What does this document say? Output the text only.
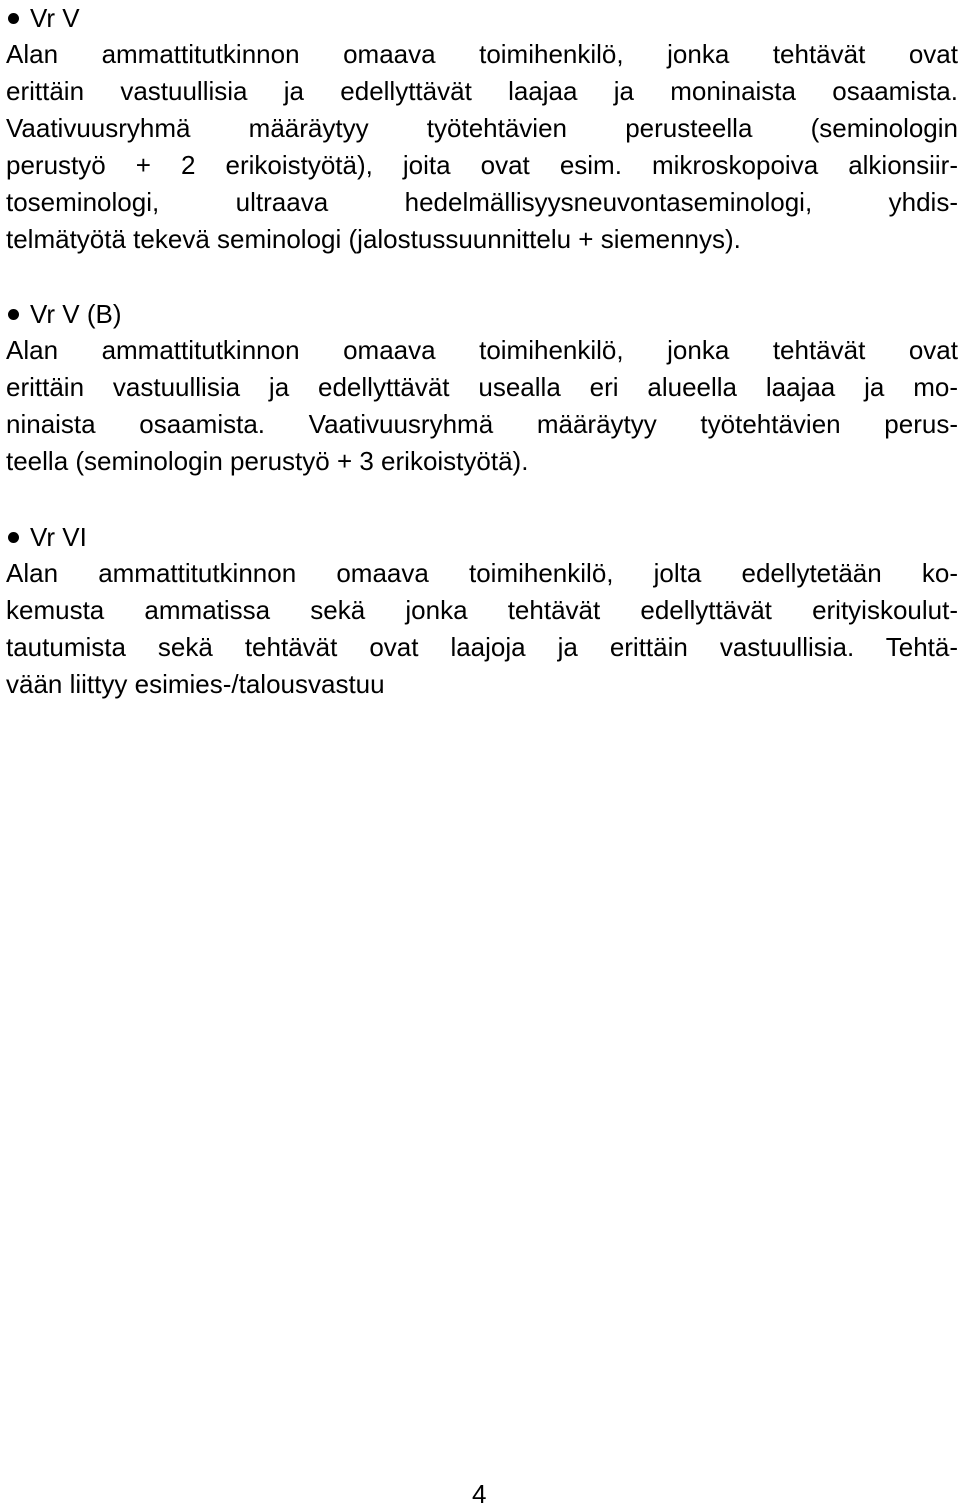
Vr V
Alan ammattitutkinnon omaava toimihenkilö, jonka tehtävät ovat
erittäin vastuullisia ja edellyttävät laajaa ja moninaista osaamista.
Vaativuusryhmä määräytyy työtehtävien perusteella (seminologin
perustyö + 2 erikoistyötä), joita ovat esim. mikroskopoiva alkionsiir-
toseminologi, ultraava hedelmällisyysneuvontaseminologi, yhdis-
telmätyötä tekevä seminologi (jalostussuunnittelu + siemennys).
Vr V (B)
Alan ammattitutkinnon omaava toimihenkilö, jonka tehtävät ovat
erittäin vastuullisia ja edellyttävät usealla eri alueella laajaa ja mo-
ninaista osaamista. Vaativuusryhmä määräytyy työtehtävien perus-
teella (seminologin perustyö + 3 erikoistyötä).
Vr VI
Alan ammattitutkinnon omaava toimihenkilö, jolta edellytetään ko-
kemusta ammatissa sekä jonka tehtävät edellyttävät erityiskoulut-
tautumista sekä tehtävät ovat laajoja ja erittäin vastuullisia. Tehtä-
vään liittyy esimies-/talousvastuu
4
